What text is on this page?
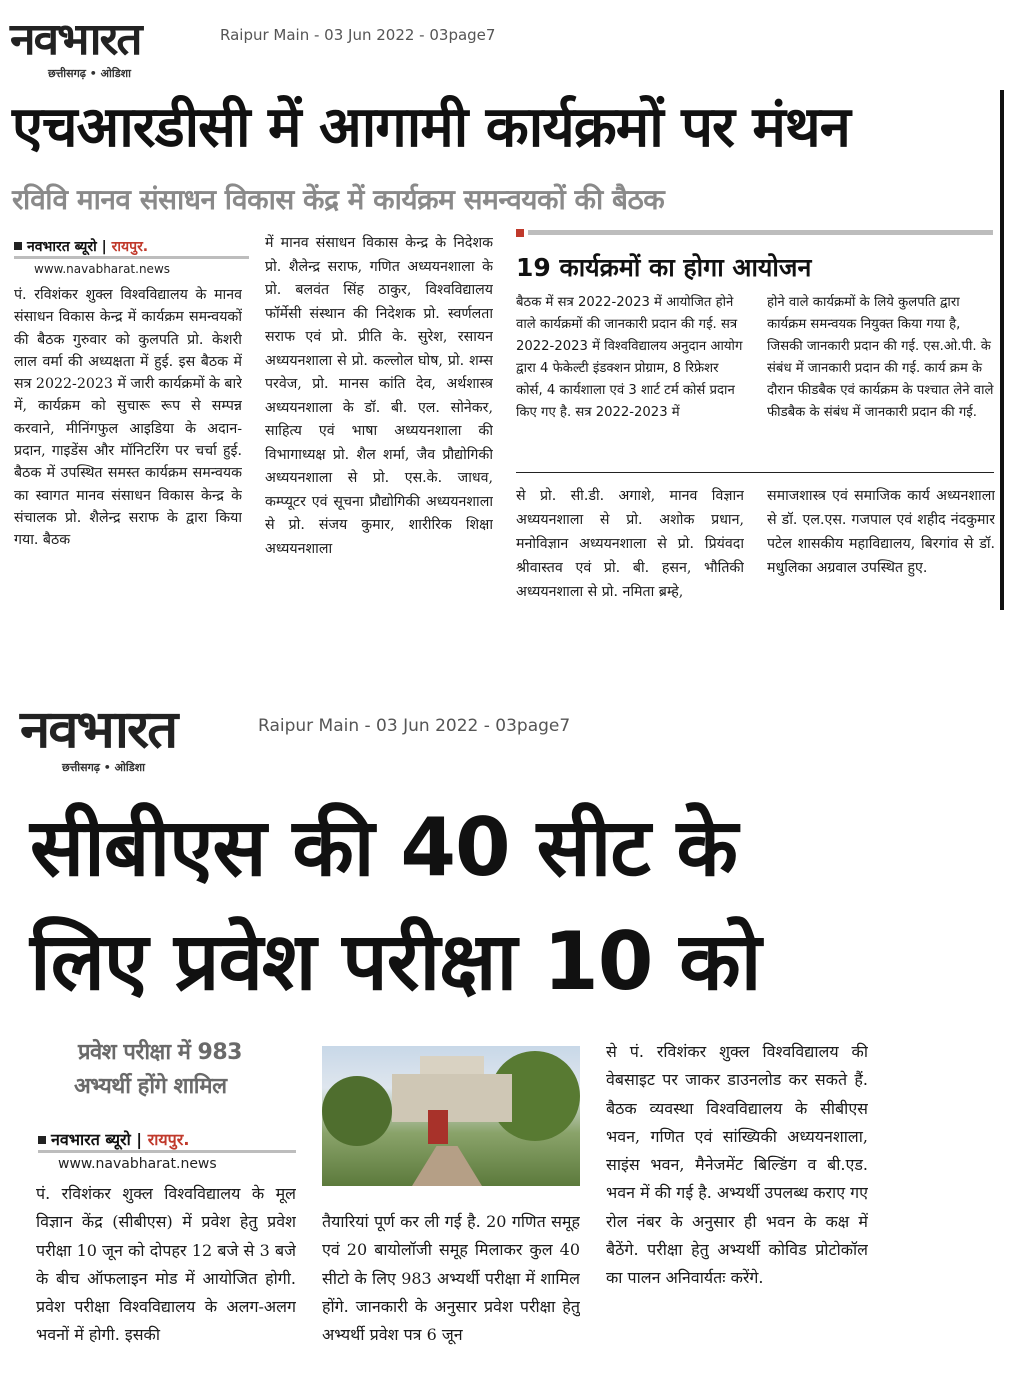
नवभारत
छत्तीसगढ़ • ओडिशा
Raipur Main - 03 Jun 2022 - 03page7
एचआरडीसी में आगामी कार्यक्रमों पर मंथन
रविवि मानव संसाधन विकास केंद्र में कार्यक्रम समन्वयकों की बैठक
नवभारत ब्यूरो | रायपुर.
www.navabharat.news
पं. रविशंकर शुक्ल विश्वविद्यालय के मानव संसाधन विकास केन्द्र में कार्यक्रम समन्वयकों की बैठक गुरुवार को कुलपति प्रो. केशरी लाल वर्मा की अध्यक्षता में हुई. इस बैठक में सत्र 2022-2023 में जारी कार्यक्रमों के बारे में, कार्यक्रम को सुचारू रूप से सम्पन्न करवाने, मीनिंगफुल आइडिया के अदान-प्रदान, गाइडेंस और मॉनिटरिंग पर चर्चा हुई. बैठक में उपस्थित समस्त कार्यक्रम समन्वयक का स्वागत मानव संसाधन विकास केन्द्र के संचालक प्रो. शैलेन्द्र सराफ के द्वारा किया गया. बैठक
में मानव संसाधन विकास केन्द्र के निदेशक प्रो. शैलेन्द्र सराफ, गणित अध्ययनशाला के प्रो. बलवंत सिंह ठाकुर, विश्वविद्यालय फॉर्मेसी संस्थान की निदेशक प्रो. स्वर्णलता सराफ एवं प्रो. प्रीति के. सुरेश, रसायन अध्ययनशाला से प्रो. कल्लोल घोष, प्रो. शम्स परवेज, प्रो. मानस कांति देव, अर्थशास्त्र अध्ययनशाला के डॉ. बी. एल. सोनेकर, साहित्य एवं भाषा अध्ययनशाला की विभागाध्यक्ष प्रो. शैल शर्मा, जैव प्रौद्योगिकी अध्ययनशाला से प्रो. एस.के. जाधव, कम्प्यूटर एवं सूचना प्रौद्योगिकी अध्ययनशाला से प्रो. संजय कुमार, शारीरिक शिक्षा अध्ययनशाला
19 कार्यक्रमों का होगा आयोजन
बैठक में सत्र 2022-2023 में आयोजित होने वाले कार्यक्रमों की जानकारी प्रदान की गई. सत्र 2022-2023 में विश्वविद्यालय अनुदान आयोग द्वारा 4 फेकेल्टी इंडक्शन प्रोग्राम, 8 रिफ्रेशर कोर्स, 4 कार्यशाला एवं 3 शार्ट टर्म कोर्स प्रदान किए गए है. सत्र 2022-2023 में
होने वाले कार्यक्रमों के लिये कुलपति द्वारा कार्यक्रम समन्वयक नियुक्त किया गया है, जिसकी जानकारी प्रदान की गई. एस.ओ.पी. के संबंध में जानकारी प्रदान की गई. कार्य क्रम के दौरान फीडबैक एवं कार्यक्रम के पश्चात लेने वाले फीडबैक के संबंध में जानकारी प्रदान की गई.
से प्रो. सी.डी. अगाशे, मानव विज्ञान अध्ययनशाला से प्रो. अशोक प्रधान, मनोविज्ञान अध्ययनशाला से प्रो. प्रियंवदा श्रीवास्तव एवं प्रो. बी. हसन, भौतिकी अध्ययनशाला से प्रो. नमिता ब्रम्हे,
समाजशास्त्र एवं समाजिक कार्य अध्यनशाला से डॉ. एल.एस. गजपाल एवं शहीद नंदकुमार पटेल शासकीय महाविद्यालय, बिरगांव से डॉ. मधुलिका अग्रवाल उपस्थित हुए.
नवभारत
छत्तीसगढ़ • ओडिशा
Raipur Main - 03 Jun 2022 - 03page7
सीबीएस की 40 सीट के
लिए प्रवेश परीक्षा 10 को
प्रवेश परीक्षा में 983
अभ्यर्थी होंगे शामिल
नवभारत ब्यूरो | रायपुर.
www.navabharat.news
पं. रविशंकर शुक्ल विश्वविद्यालय के मूल विज्ञान केंद्र (सीबीएस) में प्रवेश हेतु प्रवेश परीक्षा 10 जून को दोपहर 12 बजे से 3 बजे के बीच ऑफलाइन मोड में आयोजित होगी. प्रवेश परीक्षा विश्वविद्यालय के अलग-अलग भवनों में होगी. इसकी
तैयारियां पूर्ण कर ली गई है. 20 गणित समूह एवं 20 बायोलॉजी समूह मिलाकर कुल 40 सीटो के लिए 983 अभ्यर्थी परीक्षा में शामिल होंगे. जानकारी के अनुसार प्रवेश परीक्षा हेतु अभ्यर्थी प्रवेश पत्र 6 जून
से पं. रविशंकर शुक्ल विश्वविद्यालय की वेबसाइट पर जाकर डाउनलोड कर सकते हैं. बैठक व्यवस्था विश्वविद्यालय के सीबीएस भवन, गणित एवं सांख्यिकी अध्ययनशाला, साइंस भवन, मैनेजमेंट बिल्डिंग व बी.एड. भवन में की गई है. अभ्यर्थी उपलब्ध कराए गए रोल नंबर के अनुसार ही भवन के कक्ष में बैठेंगे. परीक्षा हेतु अभ्यर्थी कोविड प्रोटोकॉल का पालन अनिवार्यतः करेंगे.
